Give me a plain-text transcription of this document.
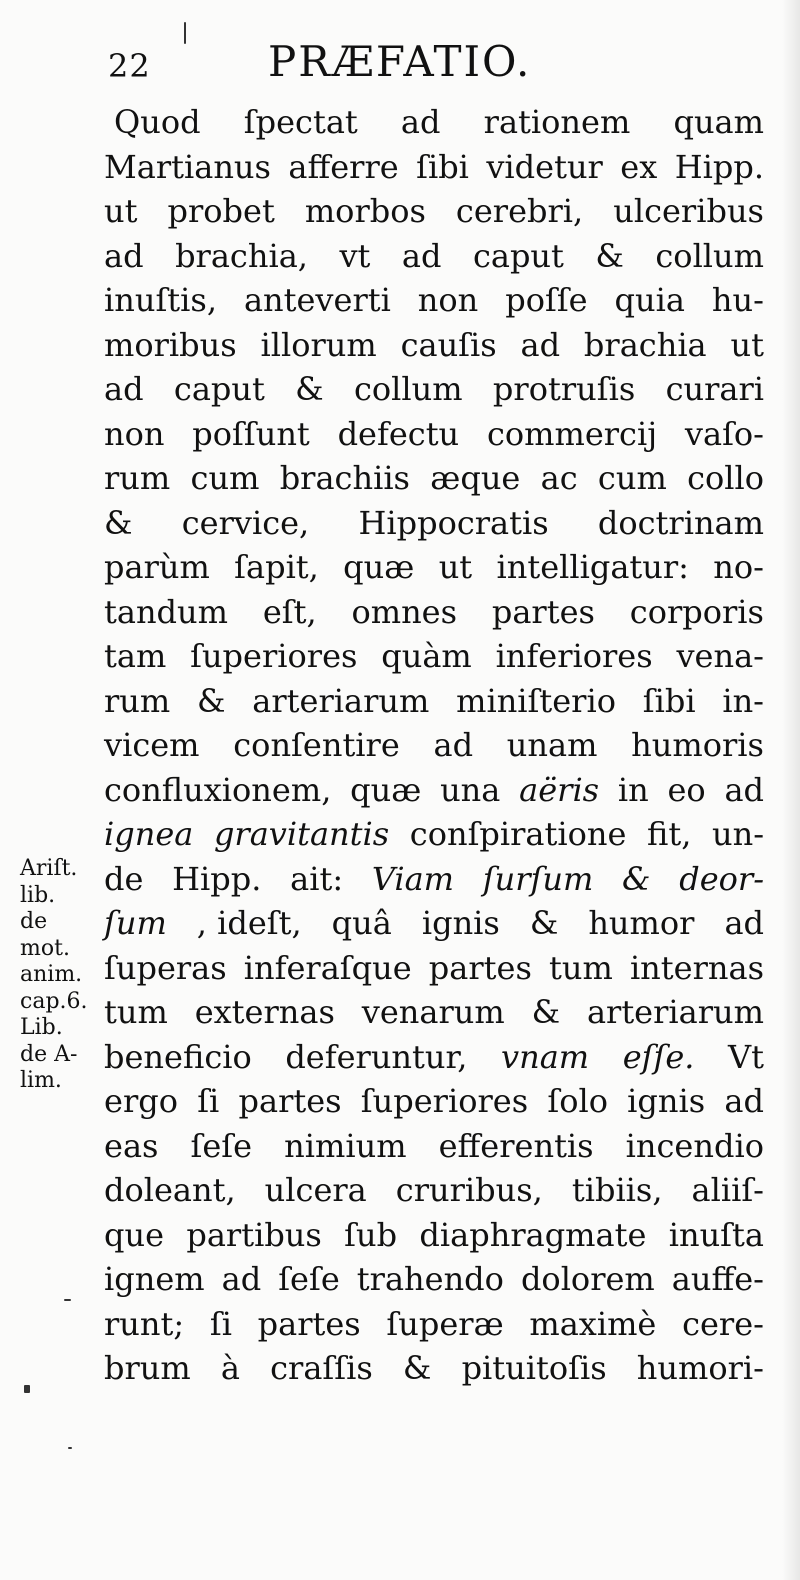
22	PRÆFATIO.
Ariſt.
lib.
de
mot.
anim.
cap.6.
Lib.
de A-
lim.
Quod ſpectat ad rationem quam
Martianus afferre ſibi videtur ex Hipp.
ut probet morbos cerebri, ulceribus
ad brachia, vt ad caput & collum
inuſtis, anteverti non poſſe quia hu-
moribus illorum cauſis ad brachia ut
ad caput & collum protruſis curari
non poſſunt defectu commercij vaſo-
rum cum brachiis æque ac cum collo
& cervice, Hippocratis doctrinam
parùm ſapit, quæ ut intelligatur: no-
tandum eſt, omnes partes corporis
tam ſuperiores quàm inferiores vena-
rum & arteriarum miniſterio ſibi in-
vicem conſentire ad unam humoris
confluxionem, quæ una aëris in eo ad
ignea gravitantis conſpiratione fit, un-
de Hipp. ait: Viam ſurſum & deor-
ſum , ideſt, quâ ignis & humor ad
ſuperas inferaſque partes tum internas
tum externas venarum & arteriarum
beneficio deferuntur, vnam eſſe. Vt
ergo ſi partes ſuperiores ſolo ignis ad
eas ſeſe nimium efferentis incendio
doleant, ulcera cruribus, tibiis, aliiſ-
que partibus ſub diaphragmate inuſta
ignem ad ſeſe trahendo dolorem auffe-
runt; ſi partes ſuperæ maximè cere-
brum à craſſis & pituitoſis humori-
